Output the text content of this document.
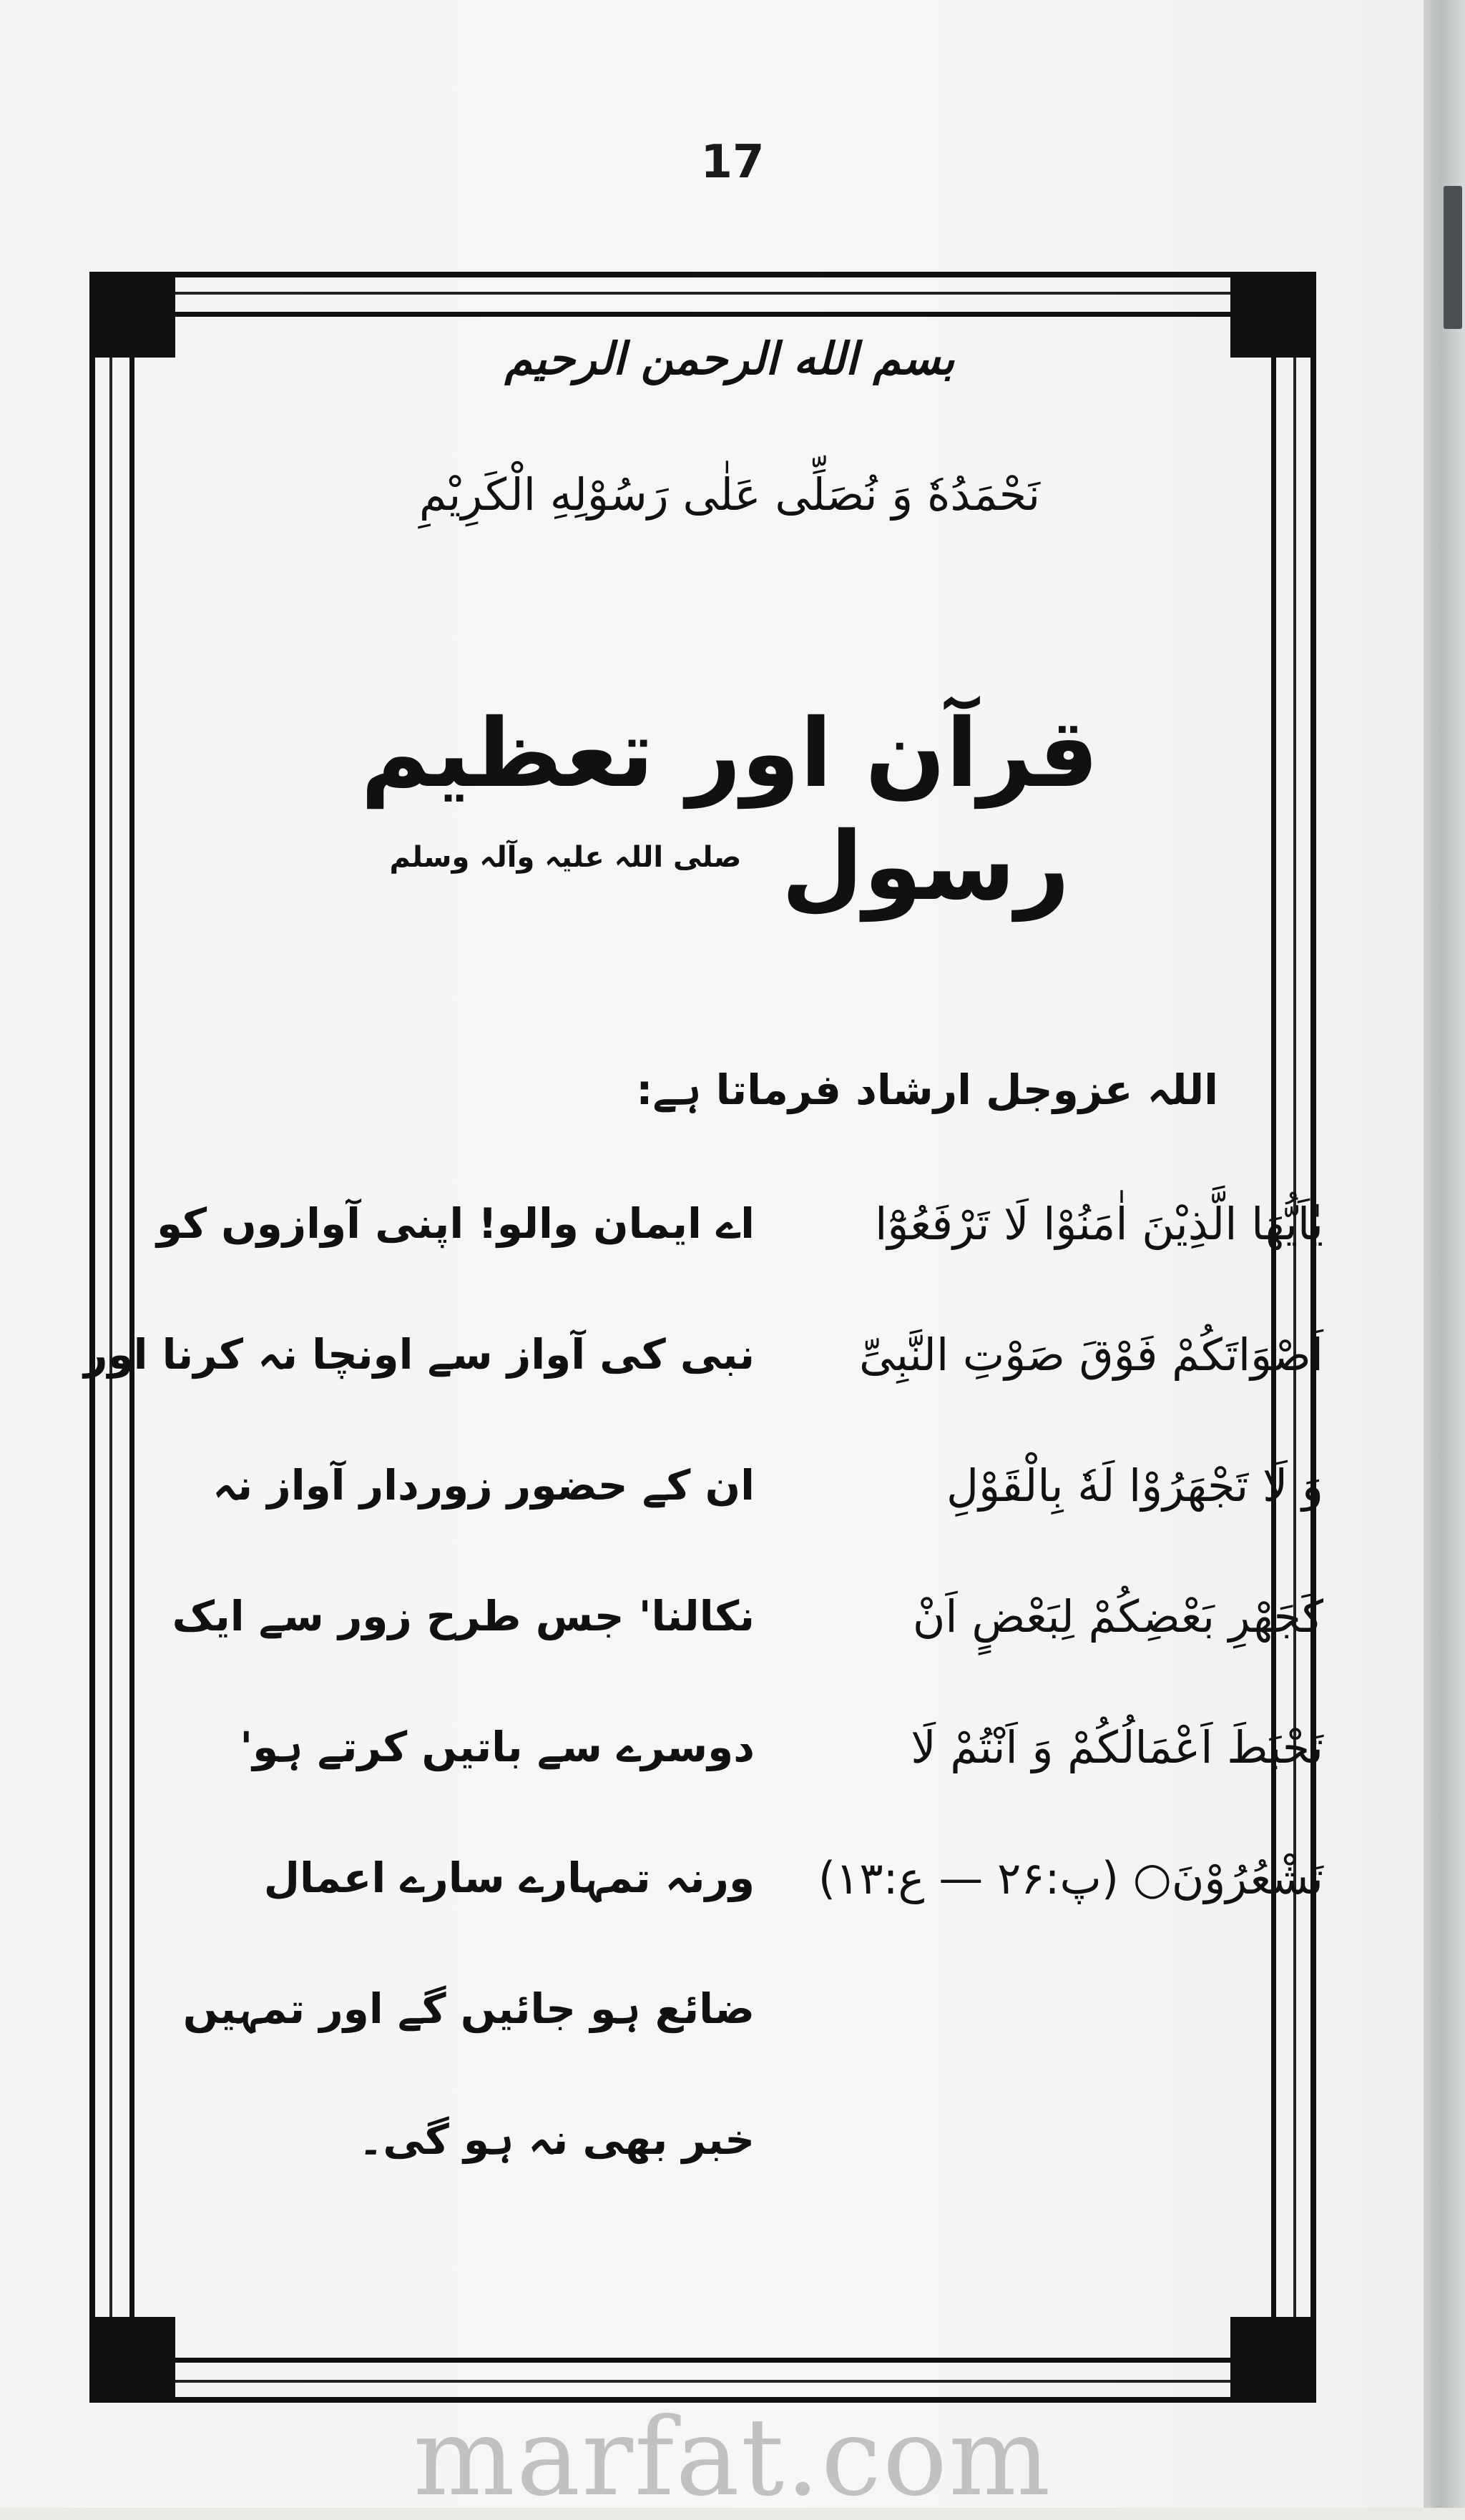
17
بسم الله الرحمن الرحیم
نَحْمَدُهٗ وَ نُصَلِّی عَلٰی رَسُوْلِهِ الْکَرِیْمِ
قرآن اور تعظیم رسول $^{صلی اللہ علیہ وآلہ وسلم}$
اللہ عزوجل ارشاد فرماتا ہے:
یٰاَیُّهَا الَّذِیْنَ اٰمَنُوْا لَا تَرْفَعُوْٓا
اَصْوَاتَکُمْ فَوْقَ صَوْتِ النَّبِیِّ
وَ لَا تَجْهَرُوْا لَهٗ بِالْقَوْلِ
کَجَهْرِ بَعْضِکُمْ لِبَعْضٍ اَنْ
تَحْبَطَ اَعْمَالُکُمْ وَ اَنْتُمْ لَا
تَشْعُرُوْنَ○ (پ:۲۶ — ع:۱۳)
اے ایمان والو! اپنی آوازوں کو
نبی کی آواز سے اونچا نہ کرنا اور
ان کے حضور زوردار آواز نہ
نکالنا' جس طرح زور سے ایک
دوسرے سے باتیں کرتے ہو'
ورنہ تمہارے سارے اعمال
ضائع ہو جائیں گے اور تمہیں
خبر بھی نہ ہو گی۔
marfat.com
